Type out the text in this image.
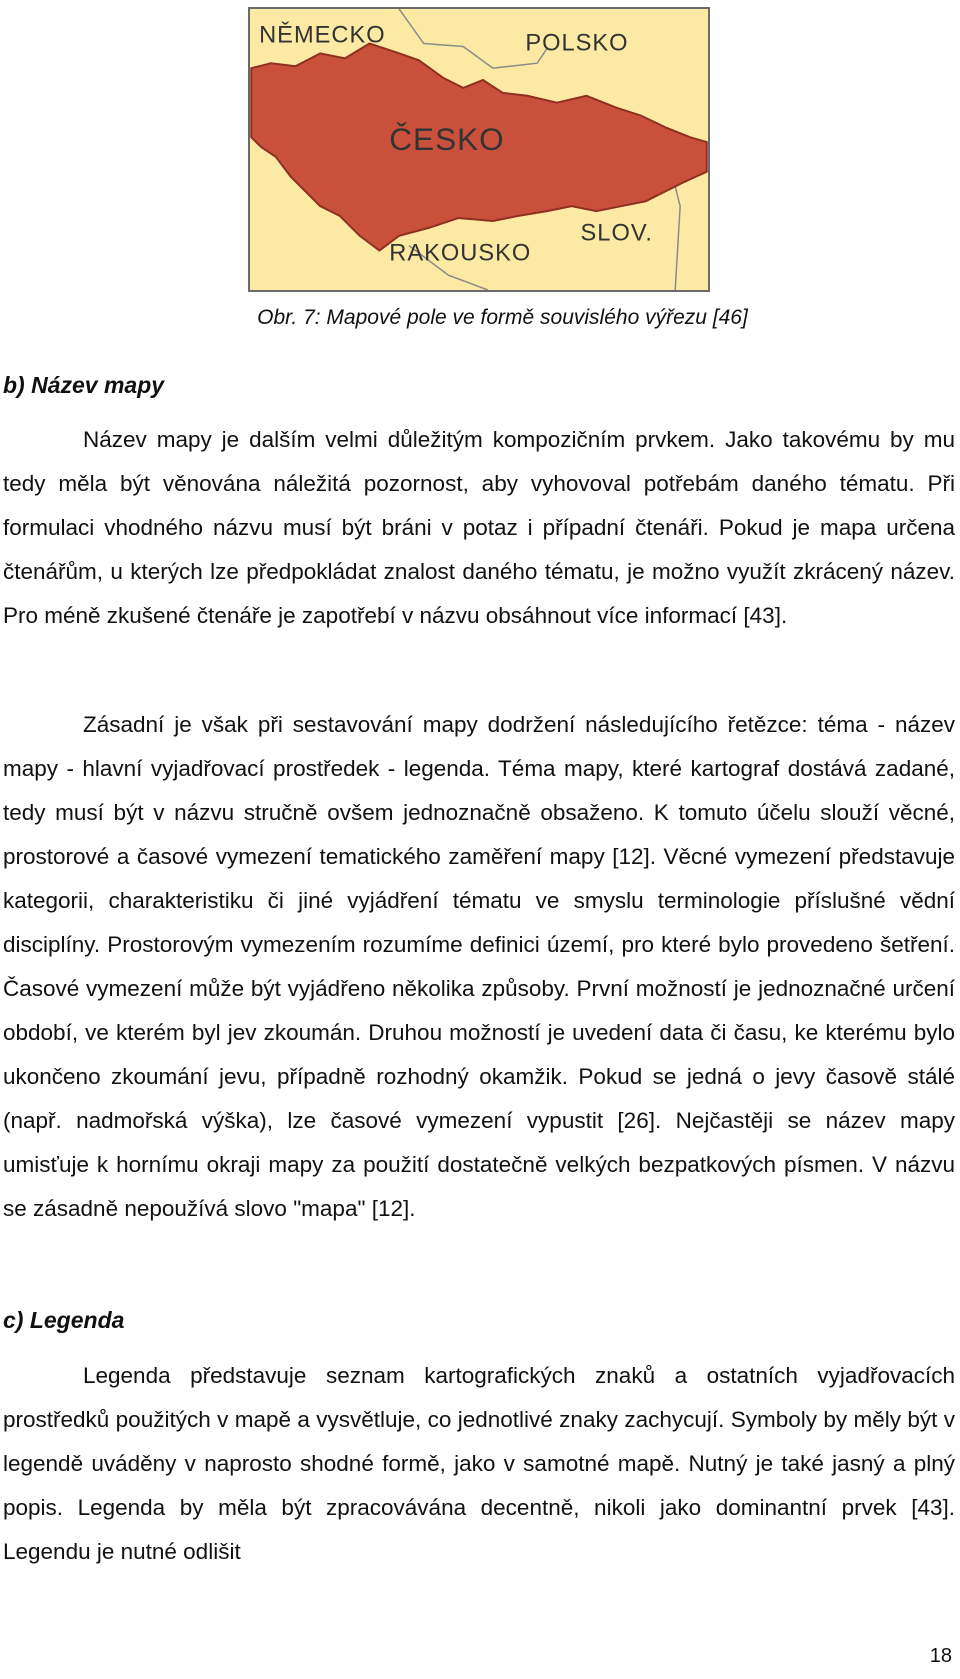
NĚMECKO	POLSKO
ČESKO
SLOV.
RAKOUSKO
Obr. 7: Mapové pole ve formě souvislého výřezu [46]
b) Název mapy

Název mapy je dalším velmi důležitým kompozičním prvkem. Jako takovému by mu tedy měla být věnována náležitá pozornost, aby vyhovoval potřebám daného tématu. Při formulaci vhodného názvu musí být bráni v potaz i případní čtenáři. Pokud je mapa určena čtenářům, u kterých lze předpokládat znalost daného tématu, je možno využít zkrácený název. Pro méně zkušené čtenáře je zapotřebí v názvu obsáhnout více informací [43].

Zásadní je však při sestavování mapy dodržení následujícího řetězce: téma - název mapy - hlavní vyjadřovací prostředek - legenda. Téma mapy, které kartograf dostává zadané, tedy musí být v názvu stručně ovšem jednoznačně obsaženo. K tomuto účelu slouží věcné, prostorové a časové vymezení tematického zaměření mapy [12]. Věcné vymezení představuje kategorii, charakteristiku či jiné vyjádření tématu ve smyslu terminologie příslušné vědní disciplíny. Prostorovým vymezením rozumíme definici území, pro které bylo provedeno šetření. Časové vymezení může být vyjádřeno několika způsoby. První možností je jednoznačné určení období, ve kterém byl jev zkoumán. Druhou možností je uvedení data či času, ke kterému bylo ukončeno zkoumání jevu, případně rozhodný okamžik. Pokud se jedná o jevy časově stálé (např. nadmořská výška), lze časové vymezení vypustit [26]. Nejčastěji se název mapy umisťuje k hornímu okraji mapy za použití dostatečně velkých bezpatkových písmen. V názvu se zásadně nepoužívá slovo "mapa" [12].

c) Legenda

Legenda představuje seznam kartografických znaků a ostatních vyjadřovacích prostředků použitých v mapě a vysvětluje, co jednotlivé znaky zachycují. Symboly by měly být v legendě uváděny v naprosto shodné formě, jako v samotné mapě. Nutný je také jasný a plný popis. Legenda by měla být zpracovávána decentně, nikoli jako dominantní prvek [43]. Legendu je nutné odlišit

18
